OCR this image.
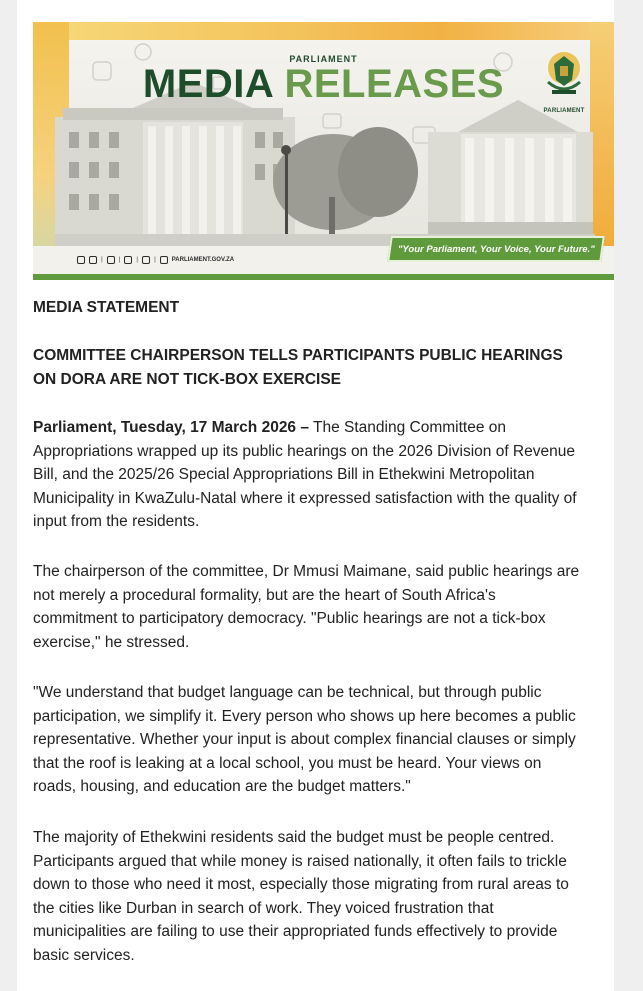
PARLIAMENT
MEDIA RELEASES
PARLIAMENT
|	|	|	|	PARLIAMENT.GOV.ZA
"Your Parliament, Your Voice, Your Future."
MEDIA STATEMENT
COMMITTEE CHAIRPERSON TELLS PARTICIPANTS PUBLIC HEARINGS
ON DORA ARE NOT TICK-BOX EXERCISE
Parliament, Tuesday, 17 March 2026 – The Standing Committee on
Appropriations wrapped up its public hearings on the 2026 Division of Revenue
Bill, and the 2025/26 Special Appropriations Bill in Ethekwini Metropolitan
Municipality in KwaZulu-Natal where it expressed satisfaction with the quality of
input from the residents.
The chairperson of the committee, Dr Mmusi Maimane, said public hearings are
not merely a procedural formality, but are the heart of South Africa's
commitment to participatory democracy. "Public hearings are not a tick-box
exercise," he stressed.
"We understand that budget language can be technical, but through public
participation, we simplify it. Every person who shows up here becomes a public
representative. Whether your input is about complex financial clauses or simply
that the roof is leaking at a local school, you must be heard. Your views on
roads, housing, and education are the budget matters."
The majority of Ethekwini residents said the budget must be people centred.
Participants argued that while money is raised nationally, it often fails to trickle
down to those who need it most, especially those migrating from rural areas to
the cities like Durban in search of work. They voiced frustration that
municipalities are failing to use their appropriated funds effectively to provide
basic services.
